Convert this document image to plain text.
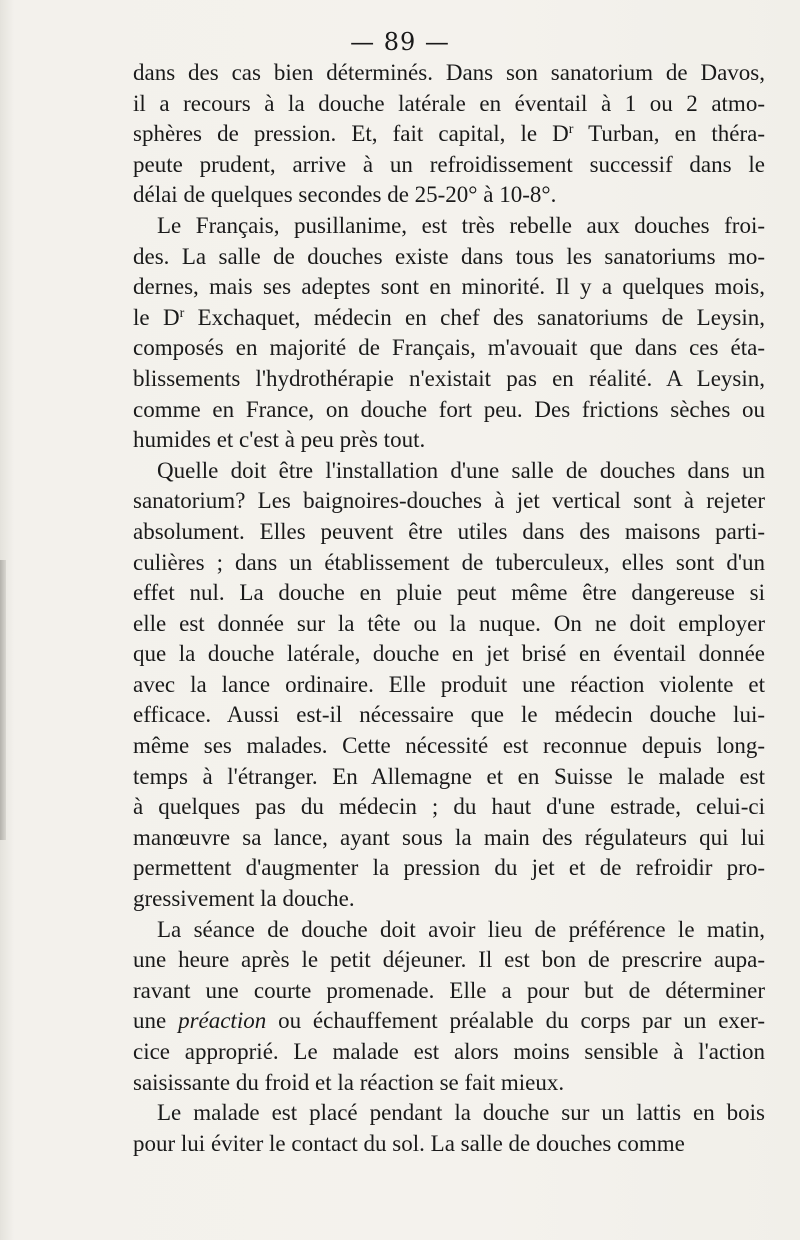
— 89 —

dans des cas bien déterminés. Dans son sanatorium de Davos,
il a recours à la douche latérale en éventail à 1 ou 2 atmo-
sphères de pression. Et, fait capital, le $D^r$ Turban, en théra-
peute prudent, arrive à un refroidissement successif dans le
délai de quelques secondes de 25-20° à 10-8°.

Le Français, pusillanime, est très rebelle aux douches froi-
des. La salle de douches existe dans tous les sanatoriums mo-
dernes, mais ses adeptes sont en minorité. Il y a quelques mois,
le $D^r$ Exchaquet, médecin en chef des sanatoriums de Leysin,
composés en majorité de Français, m'avouait que dans ces éta-
blissements l'hydrothérapie n'existait pas en réalité. A Leysin,
comme en France, on douche fort peu. Des frictions sèches ou
humides et c'est à peu près tout.

Quelle doit être l'installation d'une salle de douches dans un
sanatorium? Les baignoires-douches à jet vertical sont à rejeter
absolument. Elles peuvent être utiles dans des maisons parti-
culières ; dans un établissement de tuberculeux, elles sont d'un
effet nul. La douche en pluie peut même être dangereuse si
elle est donnée sur la tête ou la nuque. On ne doit employer
que la douche latérale, douche en jet brisé en éventail donnée
avec la lance ordinaire. Elle produit une réaction violente et
efficace. Aussi est-il nécessaire que le médecin douche lui-
même ses malades. Cette nécessité est reconnue depuis long-
temps à l'étranger. En Allemagne et en Suisse le malade est
à quelques pas du médecin ; du haut d'une estrade, celui-ci
manœuvre sa lance, ayant sous la main des régulateurs qui lui
permettent d'augmenter la pression du jet et de refroidir pro-
gressivement la douche.

La séance de douche doit avoir lieu de préférence le matin,
une heure après le petit déjeuner. Il est bon de prescrire aupa-
ravant une courte promenade. Elle a pour but de déterminer
une préaction ou échauffement préalable du corps par un exer-
cice approprié. Le malade est alors moins sensible à l'action
saisissante du froid et la réaction se fait mieux.

Le malade est placé pendant la douche sur un lattis en bois
pour lui éviter le contact du sol. La salle de douches comme
